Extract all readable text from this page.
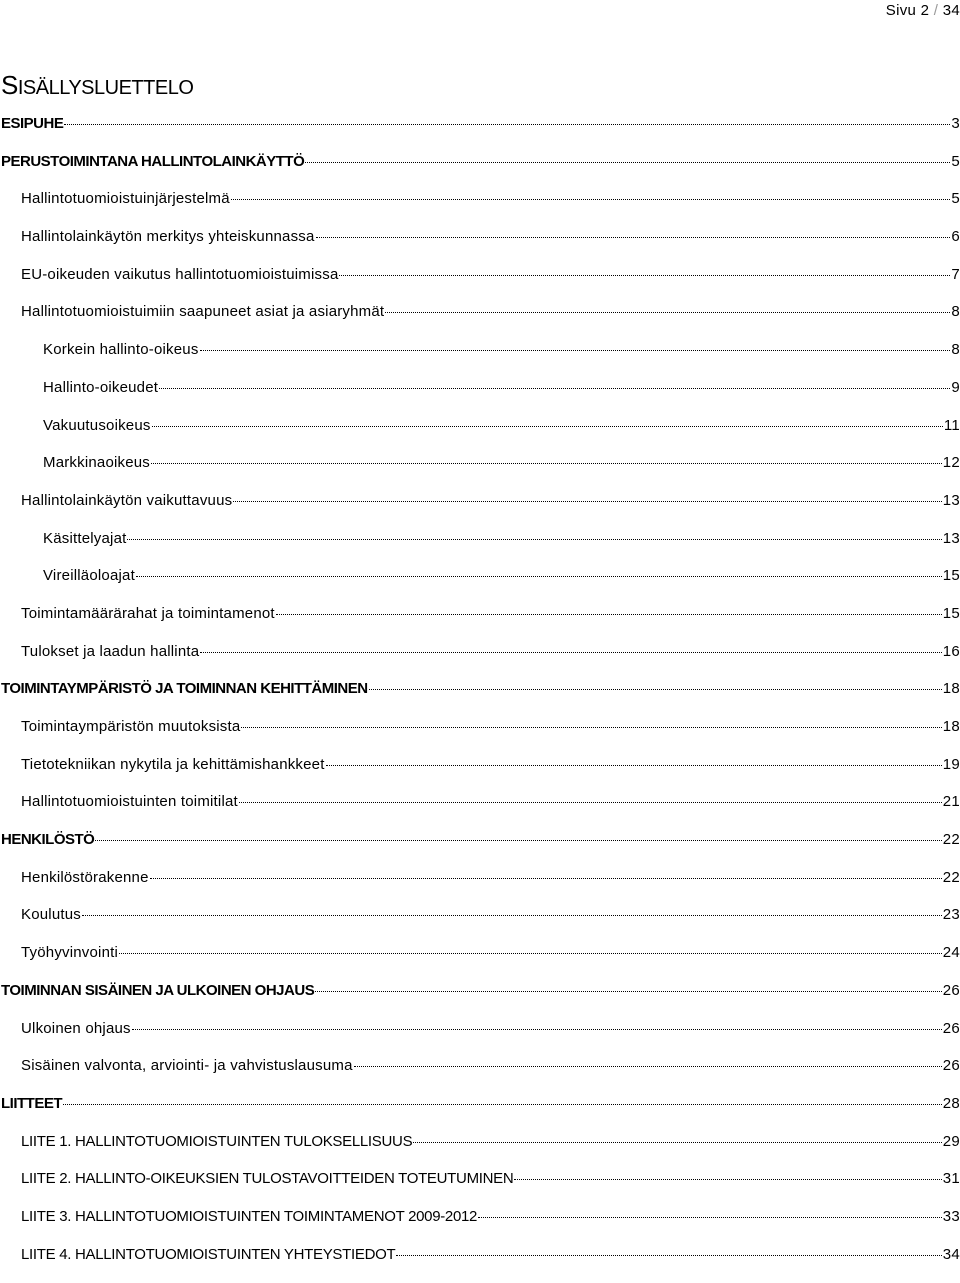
Sivu 2 / 34
SISÄLLYSLUETTELO
ESIPUHE	3
PERUSTOIMINTANA HALLINTOLAINKÄYTTÖ	5
Hallintotuomioistuinjärjestelmä	5
Hallintolainkäytön merkitys yhteiskunnassa	6
EU-oikeuden vaikutus hallintotuomioistuimissa	7
Hallintotuomioistuimiin saapuneet asiat ja asiaryhmät	8
Korkein hallinto-oikeus	8
Hallinto-oikeudet	9
Vakuutusoikeus	11
Markkinaoikeus	12
Hallintolainkäytön vaikuttavuus	13
Käsittelyajat	13
Vireilläoloajat	15
Toimintamäärärahat ja toimintamenot	15
Tulokset ja laadun hallinta	16
TOIMINTAYMPÄRISTÖ JA TOIMINNAN KEHITTÄMINEN	18
Toimintaympäristön muutoksista	18
Tietotekniikan nykytila ja kehittämishankkeet	19
Hallintotuomioistuinten toimitilat	21
HENKILÖSTÖ	22
Henkilöstörakenne	22
Koulutus	23
Työhyvinvointi	24
TOIMINNAN SISÄINEN JA ULKOINEN OHJAUS	26
Ulkoinen ohjaus	26
Sisäinen valvonta, arviointi- ja vahvistuslausuma	26
LIITTEET	28
LIITE 1. HALLINTOTUOMIOISTUINTEN TULOKSELLISUUS	29
LIITE 2. HALLINTO-OIKEUKSIEN TULOSTAVOITTEIDEN TOTEUTUMINEN	31
LIITE 3. HALLINTOTUOMIOISTUINTEN TOIMINTAMENOT 2009-2012	33
LIITE 4. HALLINTOTUOMIOISTUINTEN YHTEYSTIEDOT	34
